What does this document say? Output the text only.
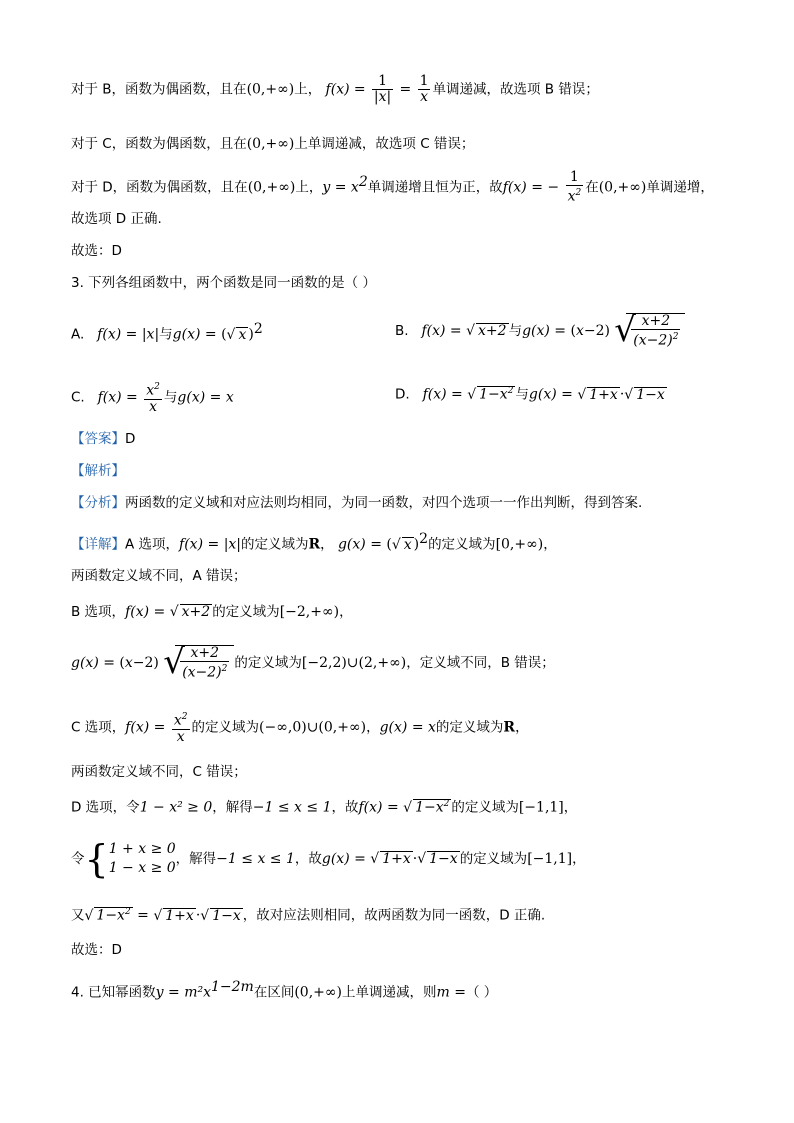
对于 B，函数为偶函数，且在(0,+∞)上， $f(x) = \frac{1}{|x|} = \frac{1}{x}$ 单调递减，故选项 B 错误；
对于 C，函数为偶函数，且在(0,+∞)上单调递减，故选项 C 错误；
对于 D，函数为偶函数，且在(0,+∞)上，$y = x^2$单调递增且恒为正，故f(x) = − $\frac{1}{x^2}$ 在(0,+∞)单调递增，
故选项 D 正确.
故选：D
3. 下列各组函数中，两个函数是同一函数的是（ ）
A. f(x) = |x|与g(x) = ( √ x )$^2$	B. f(x) = √ x+2 与g(x) = (x−2) √
$\frac{x+2}{(x-2)^2}$
C. $f(x) = \frac{x^2}{x}$ 与g(x) = x	D. f(x) = √ $1-x^2$ 与g(x) = √ 1+x · √ 1−x
【答案】D
【解析】
【分析】两函数的定义域和对应法则均相同，为同一函数，对四个选项一一作出判断，得到答案.
【详解】A 选项，f(x) = |x|的定义域为R， g(x) = ( √ x )$^2$的定义域为[0,+∞)，
两函数定义域不同，A 错误；
B 选项，f(x) = √ x+2 的定义域为[−2,+∞)，
g(x) = (x−2) √
$\frac{x+2}{(x-2)^2}$ 的定义域为[−2,2)∪(2,+∞)，定义域不同，B 错误；
C 选项，$f(x) = \frac{x^2}{x}$ 的定义域为(−∞,0)∪(0,+∞)，g(x) = x的定义域为R，
两函数定义域不同，C 错误；
D 选项，令1 − x² ≥ 0，解得−1 ≤ x ≤ 1，故f(x) = √ $1-x^2$ 的定义域为[−1,1]，
令{ 1 + x ≥ 0
1 − x ≥ 0
，解得−1 ≤ x ≤ 1，故g(x) = √ 1+x · √ 1−x 的定义域为[−1,1]，
又 √ $1-x^2$ = √ 1+x · √ 1−x ，故对应法则相同，故两函数为同一函数，D 正确.
故选：D
4. 已知幂函数$y = m^2x^{1-2m}$在区间(0,+∞)上单调递减，则m =（ ）
